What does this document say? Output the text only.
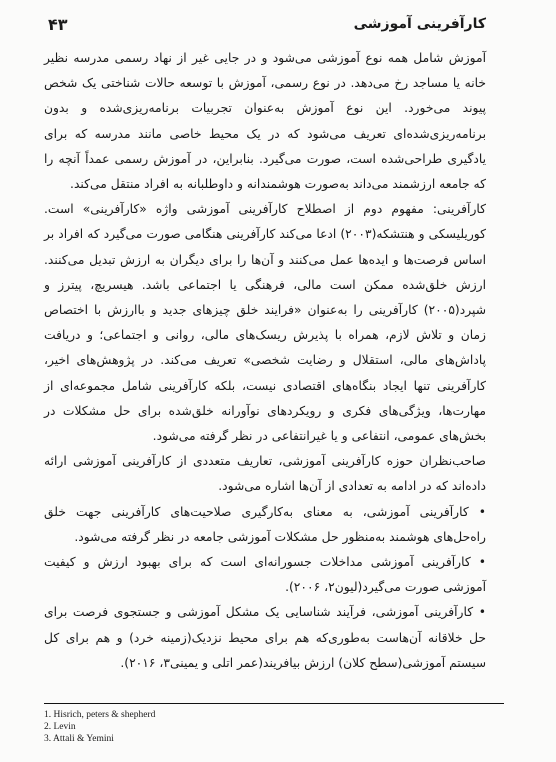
۴۳	کارآفرینی آموزشی

آموزش شامل همه نوع آموزشی می‌شود و در جایی غیر از نهاد رسمی مدرسه نظیر خانه یا مساجد رخ می‌دهد. در نوع رسمی، آموزش با توسعه حالات شناختی یک شخص پیوند می‌خورد. این نوع آموزش به‌عنوان تجربیات برنامه‌ریزی‌شده و بدون برنامه‌ریزی‌شده‌ای تعریف می‌شود که در یک محیط خاصی مانند مدرسه که برای یادگیری طراحی‌شده است، صورت می‌گیرد. بنابراین، در آموزش رسمی عمداً آنچه را که جامعه ارزشمند می‌داند به‌صورت هوشمندانه و داوطلبانه به افراد منتقل می‌کند.

کارآفرینی: مفهوم دوم از اصطلاح کارآفرینی آموزشی واژه «کارآفرینی» است. کوریلیسکی و هنتشکه(۲۰۰۳) ادعا می‌کند کارآفرینی هنگامی صورت می‌گیرد که افراد بر اساس فرصت‌ها و ایده‌ها عمل می‌کنند و آن‌ها را برای دیگران به ارزش تبدیل می‌کنند. ارزش خلق‌شده ممکن است مالی، فرهنگی یا اجتماعی باشد. هیسریچ، پیترز و شپرد(۲۰۰۵) کارآفرینی را به‌عنوان «فرایند خلق چیزهای جدید و باارزش با اختصاص زمان و تلاش لازم، همراه با پذیرش ریسک‌های مالی، روانی و اجتماعی؛ و دریافت پاداش‌های مالی، استقلال و رضایت شخصی» تعریف می‌کند. در پژوهش‌های اخیر، کارآفرینی تنها ایجاد بنگاه‌های اقتصادی نیست، بلکه کارآفرینی شامل مجموعه‌ای از مهارت‌ها، ویژگی‌های فکری و رویکردهای نوآورانه خلق‌شده برای حل مشکلات در بخش‌های عمومی، انتفاعی و یا غیرانتفاعی در نظر گرفته می‌شود.

صاحب‌نظران حوزه کارآفرینی آموزشی، تعاریف متعددی از کارآفرینی آموزشی ارائه داده‌اند که در ادامه به تعدادی از آن‌ها اشاره می‌شود.

• کارآفرینی آموزشی، به معنای به‌کارگیری صلاحیت‌های کارآفرینی جهت خلق راه‌حل‌های هوشمند به‌منظور حل مشکلات آموزشی جامعه در نظر گرفته می‌شود.

• کارآفرینی آموزشی مداخلات جسورانه‌ای است که برای بهبود ارزش و کیفیت آموزشی صورت می‌گیرد(لیون۲، ۲۰۰۶).

• کارآفرینی آموزشی، فرآیند شناسایی یک مشکل آموزشی و جستجوی فرصت برای حل خلاقانه آن‌هاست به‌طوری‌که هم برای محیط نزدیک(زمینه خرد) و هم برای کل سیستم آموزشی(سطح کلان) ارزش بیافریند(عمر اتلی و یمینی۳، ۲۰۱۶).

1. Hisrich, peters & shepherd
2. Levin
3. Attali & Yemini
